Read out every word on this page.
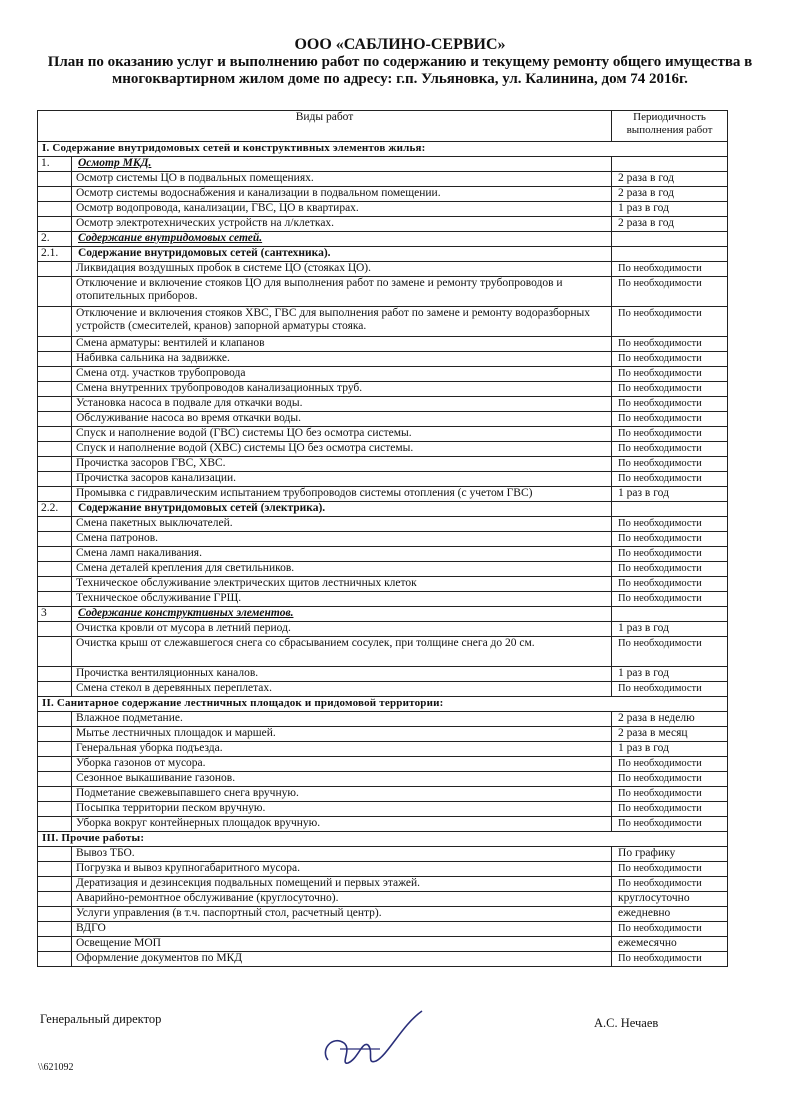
ООО «САБЛИНО-СЕРВИС»
План по оказанию услуг и выполнению работ по содержанию и текущему ремонту общего имущества в многоквартирном жилом доме по адресу: г.п. Ульяновка, ул. Калинина, дом 74 2016г.
Виды работ		Периодичность выполнения работ
I. Содержание внутридомовых сетей и конструктивных элементов жилья:		
1.	Осмотр МКД.	
	Осмотр системы ЦО в подвальных помещениях.	2 раза в год
	Осмотр системы водоснабжения и канализации в подвальном помещении.	2 раза в год
	Осмотр водопровода, канализации, ГВС, ЦО в квартирах.	1 раз в год
	Осмотр электротехнических устройств на л/клетках.	2 раза в год
2.	Содержание внутридомовых сетей.	
2.1.	Содержание внутридомовых сетей (сантехника).	
	Ликвидация воздушных пробок в системе ЦО (стояках ЦО).	По необходимости
	Отключение и включение стояков ЦО для выполнения работ по замене и ремонту трубопроводов и отопительных приборов.	По необходимости
	Отключение и включения стояков ХВС, ГВС для выполнения работ по замене и ремонту водоразборных устройств (смесителей, кранов) запорной арматуры стояка.	По необходимости
	Смена арматуры: вентилей и клапанов	По необходимости
	Набивка сальника на задвижке.	По необходимости
	Смена отд. участков трубопровода	По необходимости
	Смена внутренних трубопроводов канализационных труб.	По необходимости
	Установка насоса в подвале для откачки воды.	По необходимости
	Обслуживание насоса во время откачки воды.	По необходимости
	Спуск и наполнение водой (ГВС) системы ЦО без осмотра системы.	По необходимости
	Спуск и наполнение водой (ХВС) системы ЦО без осмотра системы.	По необходимости
	Прочистка засоров ГВС, ХВС.	По необходимости
	Прочистка засоров канализации.	По необходимости
	Промывка с гидравлическим испытанием трубопроводов системы отопления (с учетом ГВС)	1 раз в год
2.2.	Содержание внутридомовых сетей (электрика).	
	Смена пакетных выключателей.	По необходимости
	Смена патронов.	По необходимости
	Смена ламп накаливания.	По необходимости
	Смена деталей крепления для светильников.	По необходимости
	Техническое обслуживание электрических щитов лестничных клеток	По необходимости
	Техническое обслуживание ГРЩ.	По необходимости
3	Содержание конструктивных элементов.	
	Очистка кровли от мусора в летний период.	1 раз в год
	Очистка крыш от слежавшегося снега со сбрасыванием сосулек, при толщине снега до 20 см.	По необходимости
	Прочистка вентиляционных каналов.	1 раз в год
	Смена стекол в деревянных переплетах.	По необходимости
II. Санитарное содержание лестничных площадок и придомовой территории:		
	Влажное подметание.	2 раза в неделю
	Мытье лестничных площадок и маршей.	2 раза в месяц
	Генеральная уборка подъезда.	1 раз в год
	Уборка газонов от мусора.	По необходимости
	Сезонное выкашивание газонов.	По необходимости
	Подметание свежевыпавшего снега вручную.	По необходимости
	Посыпка территории песком вручную.	По необходимости
	Уборка вокруг контейнерных площадок вручную.	По необходимости
III. Прочие работы:		
	Вывоз ТБО.	По графику
	Погрузка и вывоз крупногабаритного мусора.	По необходимости
	Дератизация и дезинсекция подвальных помещений и первых этажей.	По необходимости
	Аварийно-ремонтное обслуживание (круглосуточно).	круглосуточно
	Услуги управления (в т.ч. паспортный стол, расчетный центр).	ежедневно
	ВДГО	По необходимости
	Освещение МОП	ежемесячно
	Оформление документов по МКД	По необходимости
Генеральный директор	А.С. Нечаев
\\621092
